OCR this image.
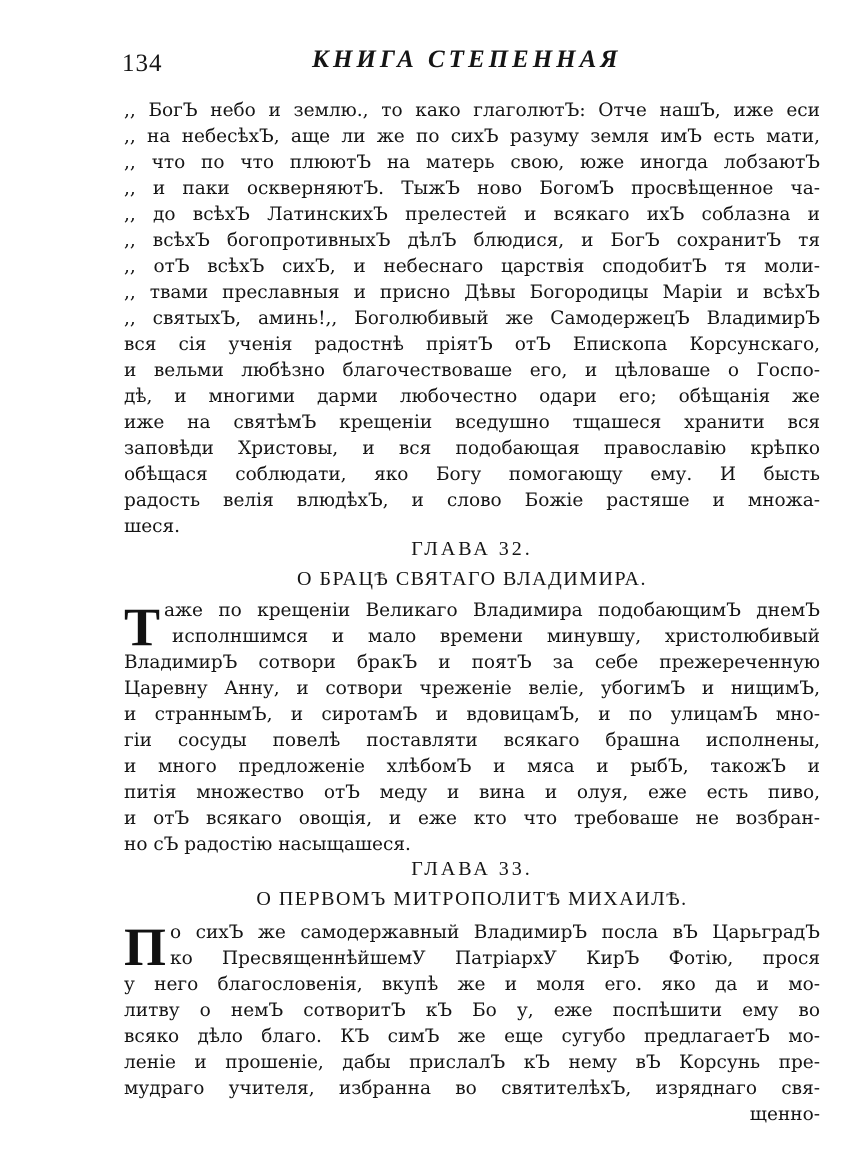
134	КНИГА СТЕПЕННАЯ
,, БогЪ небо и землю., то како глаголютЪ: Отче нашЪ, иже еси
,, на небесѣхЪ, аще ли же по сихЪ разуму земля имЪ есть мати,
,, что по что плюютЪ на матерь свою, юже иногда лобзаютЪ
,, и паки оскверняютЪ. ТыжЪ ново БогомЪ просвѣщенное ча-
,, до всѣхЪ ЛатинскихЪ прелестей и всякаго ихЪ соблазна и
,, всѣхЪ богопротивныхЪ дѣлЪ блюдися, и БогЪ сохранитЪ тя
,, отЪ всѣхЪ сихЪ, и небеснаго царствія сподобитЪ тя моли-
,, твами преславныя и присно Дѣвы Богородицы Маріи и всѣхЪ
,, святыхЪ, аминь!,, Боголюбивый же СамодержецЪ ВладимирЪ
вся сія ученія радостнѣ пріятЪ отЪ Епископа Корсунскаго,
и вельми любѣзно благочествоваше его, и цѣловаше о Госпо-
дѣ, и многими дарми любочестно одари его; обѣщанія же
иже на святѣмЪ крещеніи вседушно тщашеся хранити вся
заповѣди Христовы, и вся подобающая православію крѣпко
обѣщася соблюдати, яко Богу помогающу ему. И бысть
радость велія влюдѣхЪ, и слово Божіе растяше и множа-
шеся.
ГЛАВА 32.
О БРАЦѢ СВЯТАГО ВЛАДИМИРА.
Т аже по крещеніи Великаго Владимира подобающимЪ днемЪ
исполншимся и мало времени минувшу, христолюбивый
ВладимирЪ сотвори бракЪ и поятЪ за себе прежереченную
Царевну Анну, и сотвори чреженіе веліе, убогимЪ и нищимЪ,
и страннымЪ, и сиротамЪ и вдовицамЪ, и по улицамЪ мно-
гіи сосуды повелѣ поставляти всякаго брашна исполнены,
и много предложеніе хлѣбомЪ и мяса и рыбЪ, такожЪ и
питія множество отЪ меду и вина и олуя, еже есть пиво,
и отЪ всякаго овощія, и еже кто что требоваше не возбран-
но сЪ радостію насыщашеся.
ГЛАВА 33.
О ПЕРВОМЪ МИТРОПОЛИТѢ МИХАИЛѢ.
П о сихЪ же самодержавный ВладимирЪ посла вЪ ЦарьградЪ
ко ПресвященнѣйшемУ ПатріархУ КирЪ Фотію, прося
у него благословенія, вкупѣ же и моля его. яко да и мо-
литву о немЪ сотворитЪ кЪ Бо у, еже поспѣшити ему во
всяко дѣло благо. КЪ симЪ же еще сугубо предлагаетЪ мо-
леніе и прошеніе, дабы прислалЪ кЪ нему вЪ Корсунь пре-
мудраго учителя, избранна во святителѣхЪ, изряднаго свя-
щенно-
